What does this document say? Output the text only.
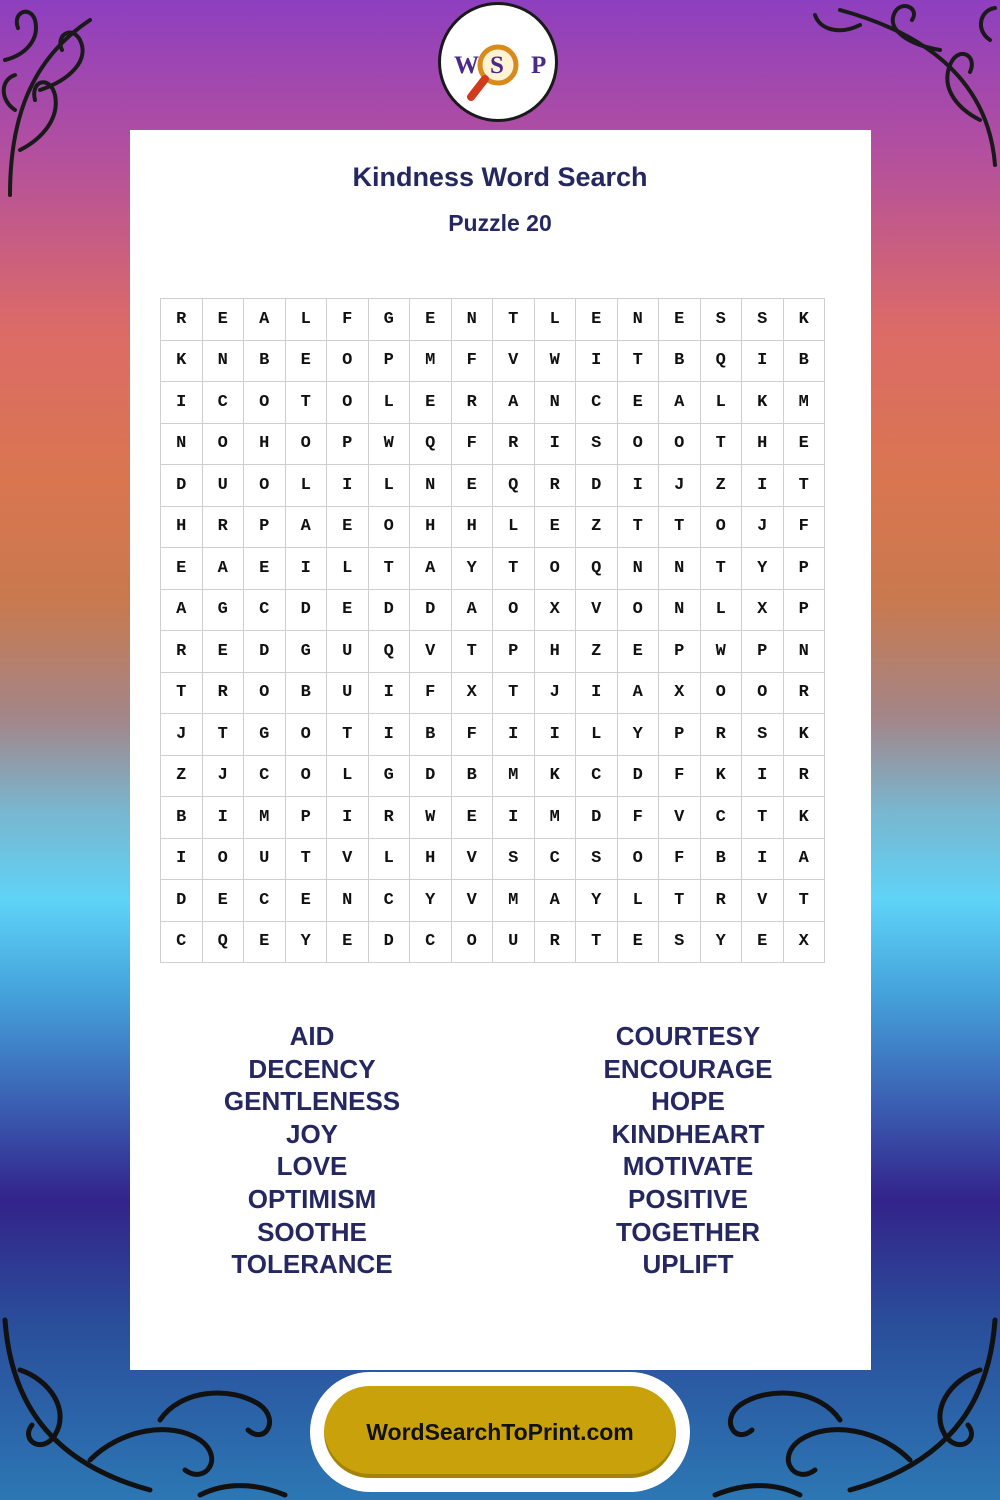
W S P
Kindness Word Search
Puzzle 20
R	E	A	L	F	G	E	N	T	L	E	N	E	S	S	K
K	N	B	E	O	P	M	F	V	W	I	T	B	Q	I	B
I	C	O	T	O	L	E	R	A	N	C	E	A	L	K	M
N	O	H	O	P	W	Q	F	R	I	S	O	O	T	H	E
D	U	O	L	I	L	N	E	Q	R	D	I	J	Z	I	T
H	R	P	A	E	O	H	H	L	E	Z	T	T	O	J	F
E	A	E	I	L	T	A	Y	T	O	Q	N	N	T	Y	P
A	G	C	D	E	D	D	A	O	X	V	O	N	L	X	P
R	E	D	G	U	Q	V	T	P	H	Z	E	P	W	P	N
T	R	O	B	U	I	F	X	T	J	I	A	X	O	O	R
J	T	G	O	T	I	B	F	I	I	L	Y	P	R	S	K
Z	J	C	O	L	G	D	B	M	K	C	D	F	K	I	R
B	I	M	P	I	R	W	E	I	M	D	F	V	C	T	K
I	O	U	T	V	L	H	V	S	C	S	O	F	B	I	A
D	E	C	E	N	C	Y	V	M	A	Y	L	T	R	V	T
C	Q	E	Y	E	D	C	O	U	R	T	E	S	Y	E	X
AID
DECENCY
GENTLENESS
JOY
LOVE
OPTIMISM
SOOTHE
TOLERANCE
COURTESY
ENCOURAGE
HOPE
KINDHEART
MOTIVATE
POSITIVE
TOGETHER
UPLIFT
WordSearchToPrint.com
